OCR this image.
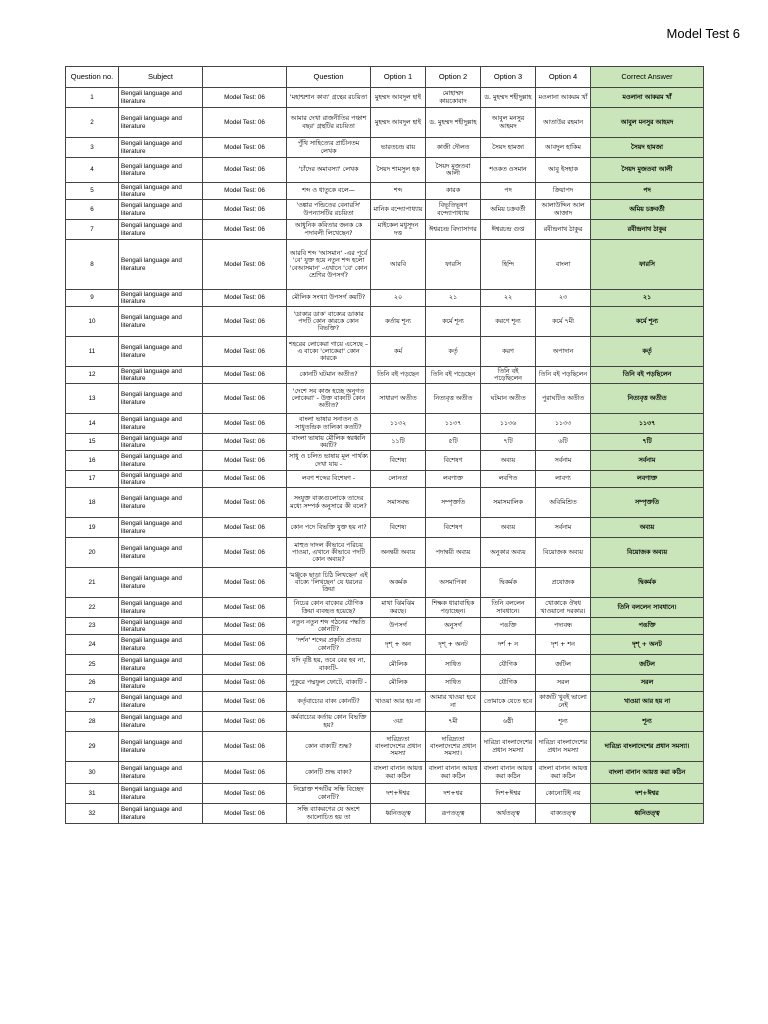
Model Test 6
Question no.	Subject		Question	Option 1	Option 2	Option 3	Option 4	Correct Answer
1	Bengali language and literature	Model Test: 06	'মহাশ্মশান কাব্য' গ্রন্থের রচয়িতা	মুহম্মদ আবদুল হাই	মোহাম্মদ কায়কোবাদ	ড. মুহম্মদ শহীদুল্লাহ	মওলানা আকরম খাঁ	মওলানা আকরম খাঁ
2	Bengali language and literature	Model Test: 06	আমার দেখা রাজনীতির পঞ্চাশ বছর' গ্রন্থটির রচয়িতা	মুহম্মদ আবদুল হাই	ড. মুহম্মদ শহীদুল্লাহ	আবুল মনসুর আহমদ	আতাউর রহমান	আবুল মনসুর আহমদ
3	Bengali language and literature	Model Test: 06	পুঁথি সাহিত্যের প্রাচীনতম লেখক	ভারতচন্দ্র রায়	কাজী দৌলত	সৈয়দ হামজা	আবদুল হাকিম	সৈয়দ হামজা
4	Bengali language and literature	Model Test: 06	'চাঁদের অমাবস্যা' লেখক	সৈয়দ শামসুল হক	সৈয়দ মুজতবা আলী	শওকত ওসমান	আবু ইসহাক	সৈয়দ মুজতবা আলী
5	Bengali language and literature	Model Test: 06	শব্দ ও ধাতুকে বলে—	শব্দ	কারক	পদ	ক্রিয়াপদ	পদ
6	Bengali language and literature	Model Test: 06	'ওঙ্কার পন্ডিতের বেনারসি' উপন্যাসটির রচয়িতা	মানিক বন্দ্যোপাধ্যায়	বিভূতিভূষণ বন্দ্যোপাধ্যায়	অমিয় চক্রবর্তী	আলাউদ্দিন আল আজাদ	অমিয় চক্রবর্তী
7	Bengali language and literature	Model Test: 06	আধুনিক কবিতার জনক কে পদাবলী লিখেছেন?	মাইকেল মধুসূদন দত্ত	ঈশ্বরচন্দ্র বিদ্যাসাগর	ঈশ্বরচন্দ্র গুপ্ত	রবীন্দ্রনাথ ঠাকুর	রবীন্দ্রনাথ ঠাকুর
8	Bengali language and literature	Model Test: 06	আরবি শব্দ 'আসমান' -এর পূর্বে 'বে' যুক্ত হয়ে নতুন শব্দ হলো 'বেআসমান' -এখানে 'বে' কোন শ্রেণির উপসর্গ?	আরবি	ফারসি	হিন্দি	বাংলা	ফারসি
9	Bengali language and literature	Model Test: 06	মৌলিক সংখ্যা উপসর্গ কয়টি?	২০	২১	২২	২৩	২১
10	Bengali language and literature	Model Test: 06	'ডাকার ডাক' বাক্যের ডাকার পদটি কোন কারকে কোন বিভক্তি?	কর্তায় শূন্য	কর্মে শূন্য	করণে শূন্য	কর্মে ৭মী	কর্মে শূন্য
11	Bengali language and literature	Model Test: 06	শহরের লোকেরা গায়ে এসেছে – এ বাক্যে 'লোকেরা' কোন কারকে	কর্ম	কর্তৃ	করণ	অপাদান	কর্তৃ
12	Bengali language and literature	Model Test: 06	কোনটি ঘটমান অতীত?	তিনি বই পড়ছেন	তিনি বই পড়েছেন	তিনি বই পড়েছিলেন	তিনি বই পড়ছিলেন	তিনি বই পড়ছিলেন
13	Bengali language and literature	Model Test: 06	'দেশে সব কাজ হচ্ছে অনুগত লোকেরা' - উক্ত বাক্যটি কোন অতীত?	সাধারণ অতীত	নিত্যবৃত্ত অতীত	ঘটমান অতীত	পুরাঘটিত অতীত	নিত্যবৃত্ত অতীত
14	Bengali language and literature	Model Test: 06	বাংলা ভাষার সনাতন ও সাধুতন্দ্রিক তালিকা কতটি?	১১৩২	১১৩৭	১১৩৬	১১৩৩	১১৩৭
15	Bengali language and literature	Model Test: 06	বাংলা ভাষায় মৌলিক স্বরধ্বনি কয়টি?	১১টি	৫টি	৭টি	৬টি	৭টি
16	Bengali language and literature	Model Test: 06	সাধু ও চলিত ভাষায় মূল পার্থক্য দেখা যায় -	বিশেষ্য	বিশেষণ	অব্যয়	সর্বনাম	সর্বনাম
17	Bengali language and literature	Model Test: 06	লবণ শব্দের বিশেষণ -	লোনতা	লবণাক্ত	লবণিত	লাবণ্য	লবণাক্ত
18	Bengali language and literature	Model Test: 06	সংযুক্ত বাক্যগুলোকে তাদের মধ্যে সম্পর্ক অনুসারে কী বলে?	সমাসবদ্ধ	সম্পৃক্ততি	সমাসমালিক	অবিমিশ্রিত	সম্পৃক্ততি
19	Bengali language and literature	Model Test: 06	কোন পদে বিভক্তি যুক্ত হয় না?	বিশেষ্য	বিশেষণ	অব্যয়	সর্বনাম	অব্যয়
20	Bengali language and literature	Model Test: 06	মাহুত দাদল কীভাবে পরিচয় পাওয়া, এখানে কীভাবে পদটি কোন অব্যয়?	অনন্বয়ী অব্যয়	পদান্বয়ী অব্যয়	অনুকার অব্যয়	বিয়োজক অব্যয়	বিয়োজক অব্যয়
21	Bengali language and literature	Model Test: 06	'মঞ্জুকে ছাড়া চিঠি লিখছেন' এই বাক্যে 'লিখছেন' যে ধরনের ক্রিয়া	অকর্মক	অসমাপিকা	দ্বিকর্মক	প্রযোজক	দ্বিকর্মক
22	Bengali language and literature	Model Test: 06	নিচের কোন বাক্যের যৌগিক ক্রিয়া ব্যবহৃত হয়েছে?	মাথা ঝিমঝিম করছে।	শিক্ষক ধারাবাহিক পড়াচ্ছেন।	তিনি বললেন সাবধানে।	খোকাকে ঔষধ খাওয়ানো দরকার।	তিনি বললেন সাবধানে।
23	Bengali language and literature	Model Test: 06	নতুন নতুন শব্দ গঠনের পদ্ধতি কোনটি?	উপসর্গ	অনুসর্গ	পঙক্তি	পদ্যবন্ধ	পঙক্তি
24	Bengali language and literature	Model Test: 06	'দর্শন' শব্দের প্রকৃতি প্রত্যয় কোনটি?	দৃশ্ + অন	দৃশ্ + অনট	দর্শ + ন	দৃশ + শন	দৃশ্ + অনট
25	Bengali language and literature	Model Test: 06	যদি বৃষ্টি হয়, তবে বের হব না, বাক্যটি-	মৌলিক	সাধিত	যৌগিক	জটিল	জটিল
26	Bengali language and literature	Model Test: 06	পুকুরে পদ্মফুল ফোটে, বাক্যটি -	মৌলিক	সাধিত	যৌগিক	সরল	সরল
27	Bengali language and literature	Model Test: 06	কর্তৃবাচ্যের বাক্য কোনটি?	খাওয়া আর হয় না	আমার খাওয়া হবে না	তোমাকে যেতে হবে	কাজটি খুবই ভালো নেই	খাওয়া আর হয় না
28	Bengali language and literature	Model Test: 06	কর্মবাচ্যের কর্তায় কোন বিভক্তি হয়?	৩য়া	৭মী	৬ষ্ঠী	শূন্য	শূন্য
29	Bengali language and literature	Model Test: 06	কোন বাক্যটি শুদ্ধ?	দারিদ্র্যতা বাংলাদেশের প্রধান সমস্যা	দারিদ্র্যতা বাংলাদেশের প্রধান সমস্যা।	দারিদ্র্য বাংলাদেশের প্রধান সমস্যা	দারিদ্র্য বাংলাদেশের প্রধান সমস্যা	দারিদ্র্য বাংলাদেশের প্রধান সমস্যা।
30	Bengali language and literature	Model Test: 06	কোনটি শুদ্ধ বাক্য?	বাংলা বানান আয়ত্ত করা কঠিন	বাংলা বানান আয়ত্ত করা কঠিন	বাংলা বানান আয়ত্ত করা কঠিন	বাংলা বানান আয়ত্ত করা কঠিন	বাংলা বানান আয়ত্ত করা কঠিন
31	Bengali language and literature	Model Test: 06	নিম্নোক্ত শব্দটির সন্ধি বিচ্ছেদ কোনটি?	দশ+ঈশ্বর	দশ+শ্বর	দিশ+ঈশ্বর	কোনোটিই নয়	দশ+ঈশ্বর
32	Bengali language and literature	Model Test: 06	সন্ধি ব্যাকরণের যে অংশে আলোচিত হয় তা	ধ্বনিতত্ত্ব	রূপতত্ত্ব	অর্থতত্ত্ব	বাক্যতত্ত্ব	ধ্বনিতত্ত্ব
